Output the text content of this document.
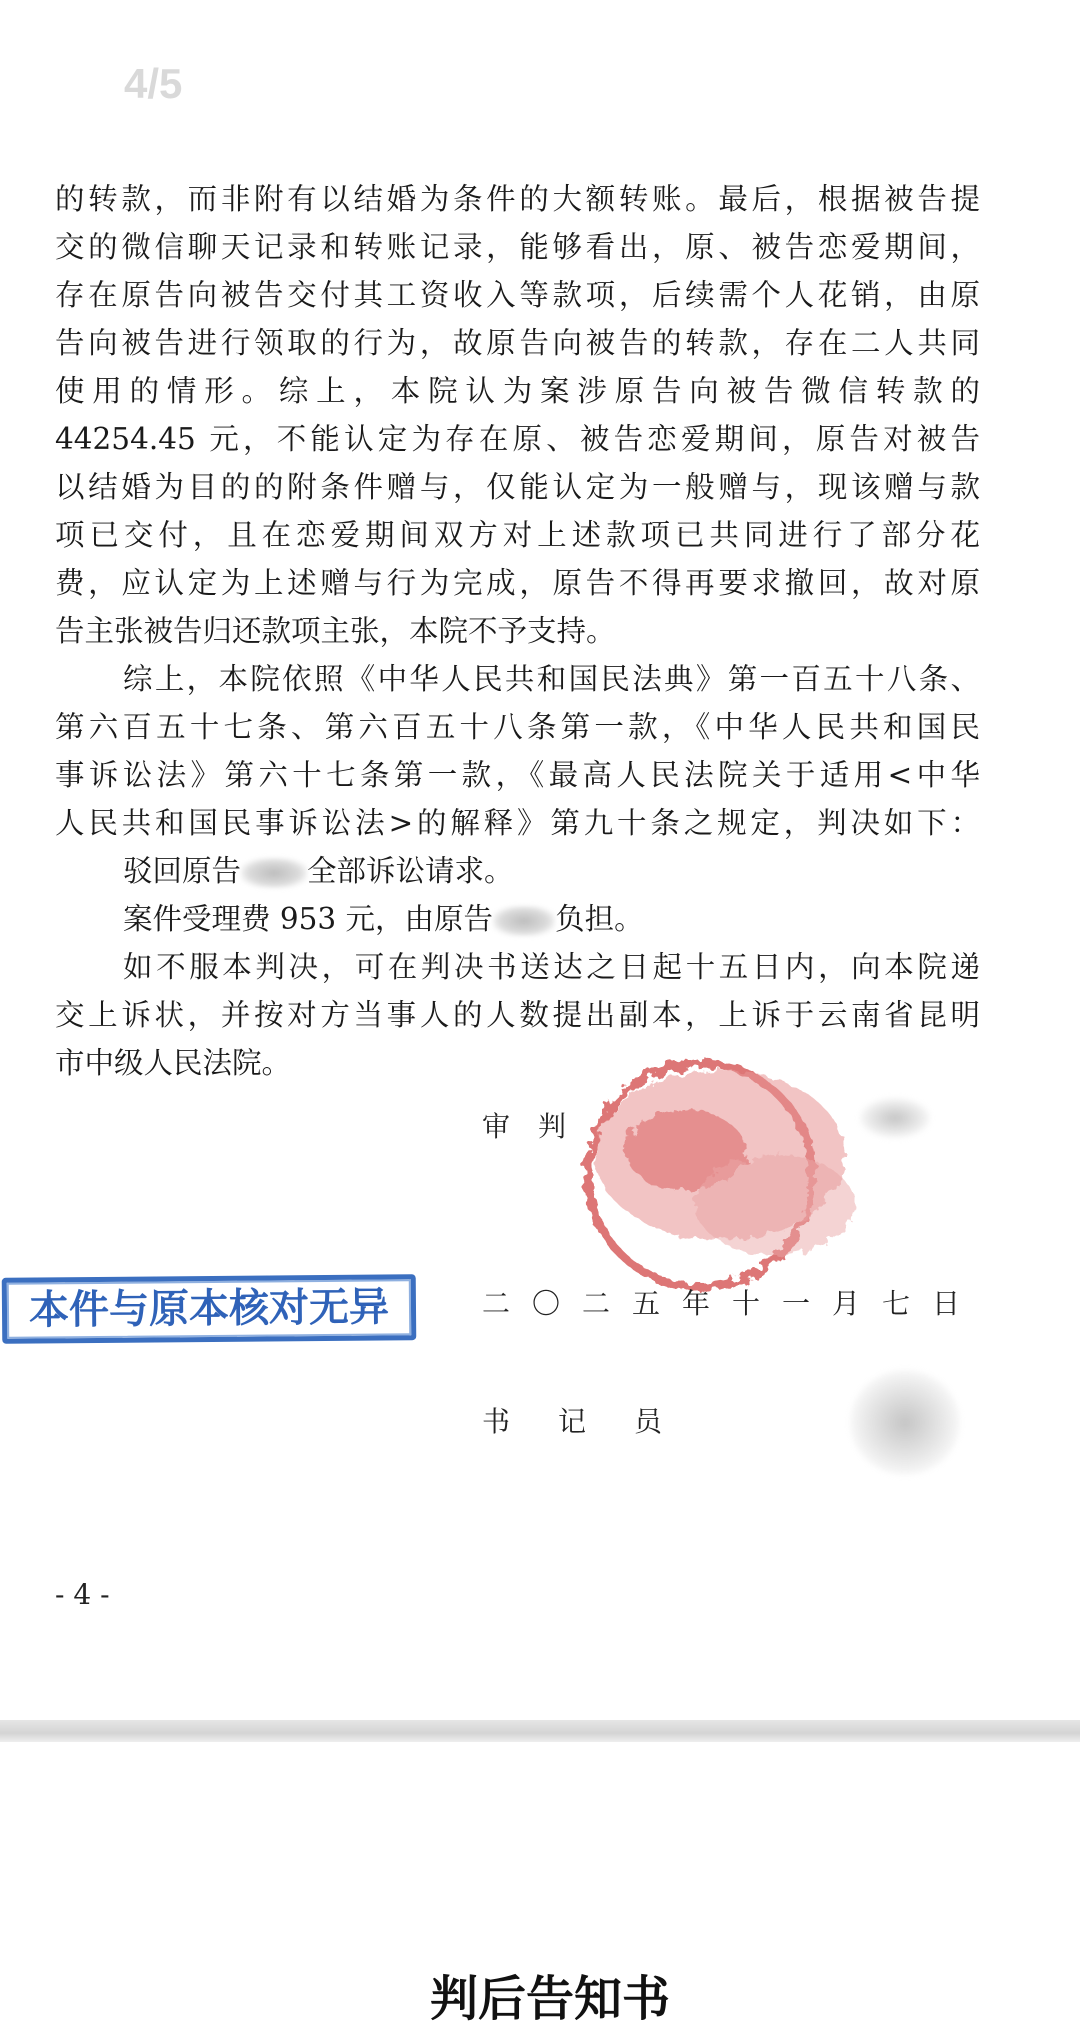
4/5
的转款，而非附有以结婚为条件的大额转账。最后，根据被告提
交的微信聊天记录和转账记录，能够看出，原、被告恋爱期间，
存在原告向被告交付其工资收入等款项，后续需个人花销，由原
告向被告进行领取的行为，故原告向被告的转款，存在二人共同
使用的情形。综上，本院认为案涉原告向被告微信转款的
44254.45 元，不能认定为存在原、被告恋爱期间，原告对被告
以结婚为目的的附条件赠与，仅能认定为一般赠与，现该赠与款
项已交付，且在恋爱期间双方对上述款项已共同进行了部分花
费，应认定为上述赠与行为完成，原告不得再要求撤回，故对原
告主张被告归还款项主张，本院不予支持。
综上，本院依照《中华人民共和国民法典》第一百五十八条、
第六百五十七条、第六百五十八条第一款，《中华人民共和国民
事诉讼法》第六十七条第一款，《最高人民法院关于适用<中华
人民共和国民事诉讼法>的解释》第九十条之规定，判决如下：
驳回原告 全部诉讼请求。
案件受理费 953 元，由原告 负担。
如不服本判决，可在判决书送达之日起十五日内，向本院递
交上诉状，并按对方当事人的人数提出副本，上诉于云南省昆明
市中级人民法院。
审　判
本件与原本核对无异	二〇二五年十一月七日
书　记　员
- 4 -
判后告知书
